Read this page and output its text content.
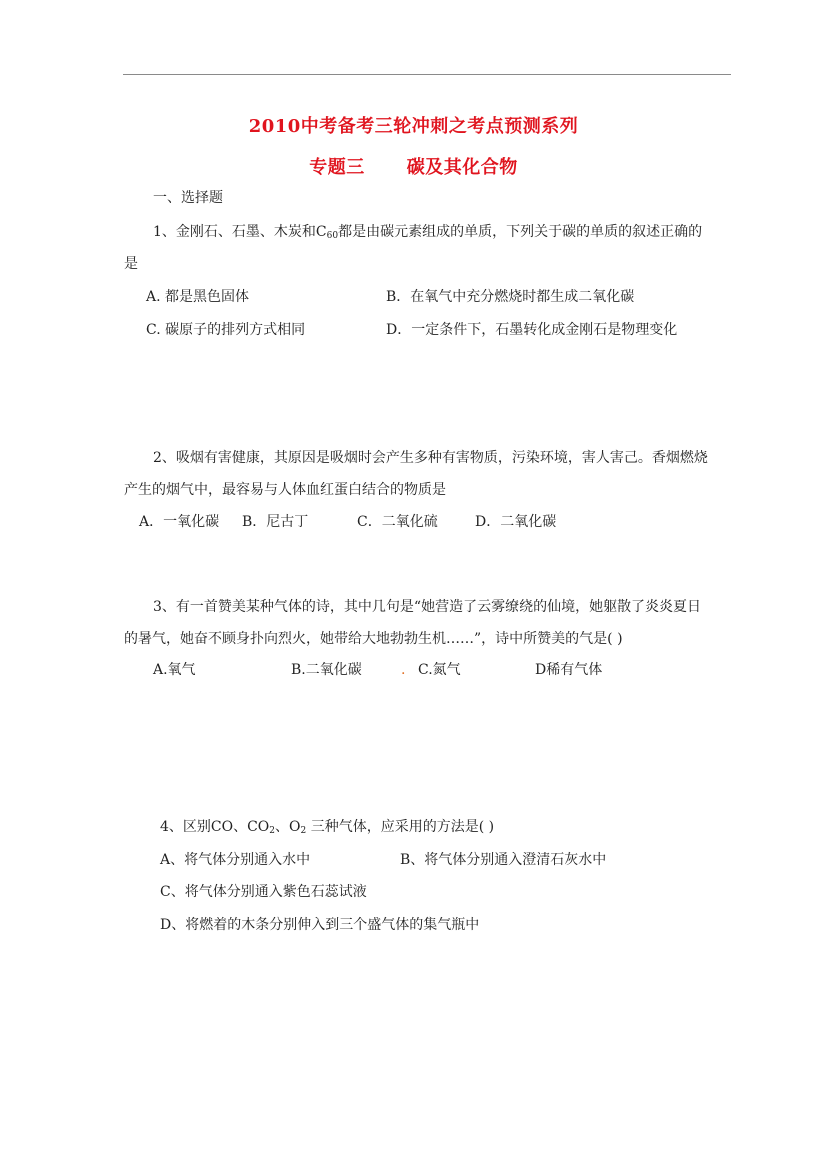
2010中考备考三轮冲刺之考点预测系列
专题三 碳及其化合物
一、选择题
1、金刚石、石墨、木炭和$C_{60}$都是由碳元素组成的单质，下列关于碳的单质的叙述正确的
是
A. 都是黑色固体	B．在氧气中充分燃烧时都生成二氧化碳
C. 碳原子的排列方式相同	D．一定条件下，石墨转化成金刚石是物理变化
2、吸烟有害健康，其原因是吸烟时会产生多种有害物质，污染环境，害人害己。香烟燃烧
产生的烟气中，最容易与人体血红蛋白结合的物质是
A．一氧化碳 B．尼古丁	C．二氧化硫	D．二氧化碳
3、有一首赞美某种气体的诗，其中几句是“她营造了云雾缭绕的仙境，她躯散了炎炎夏日
的暑气，她奋不顾身扑向烈火，她带给大地勃勃生机……”，诗中所赞美的气是( )
A.氧气	B.二氧化碳	. C.氮气	D稀有气体
4、区别CO、$CO_2$、$O_2$ 三种气体，应采用的方法是( )
A、将气体分别通入水中	B、将气体分别通入澄清石灰水中
C、将气体分别通入紫色石蕊试液
D、将燃着的木条分别伸入到三个盛气体的集气瓶中
